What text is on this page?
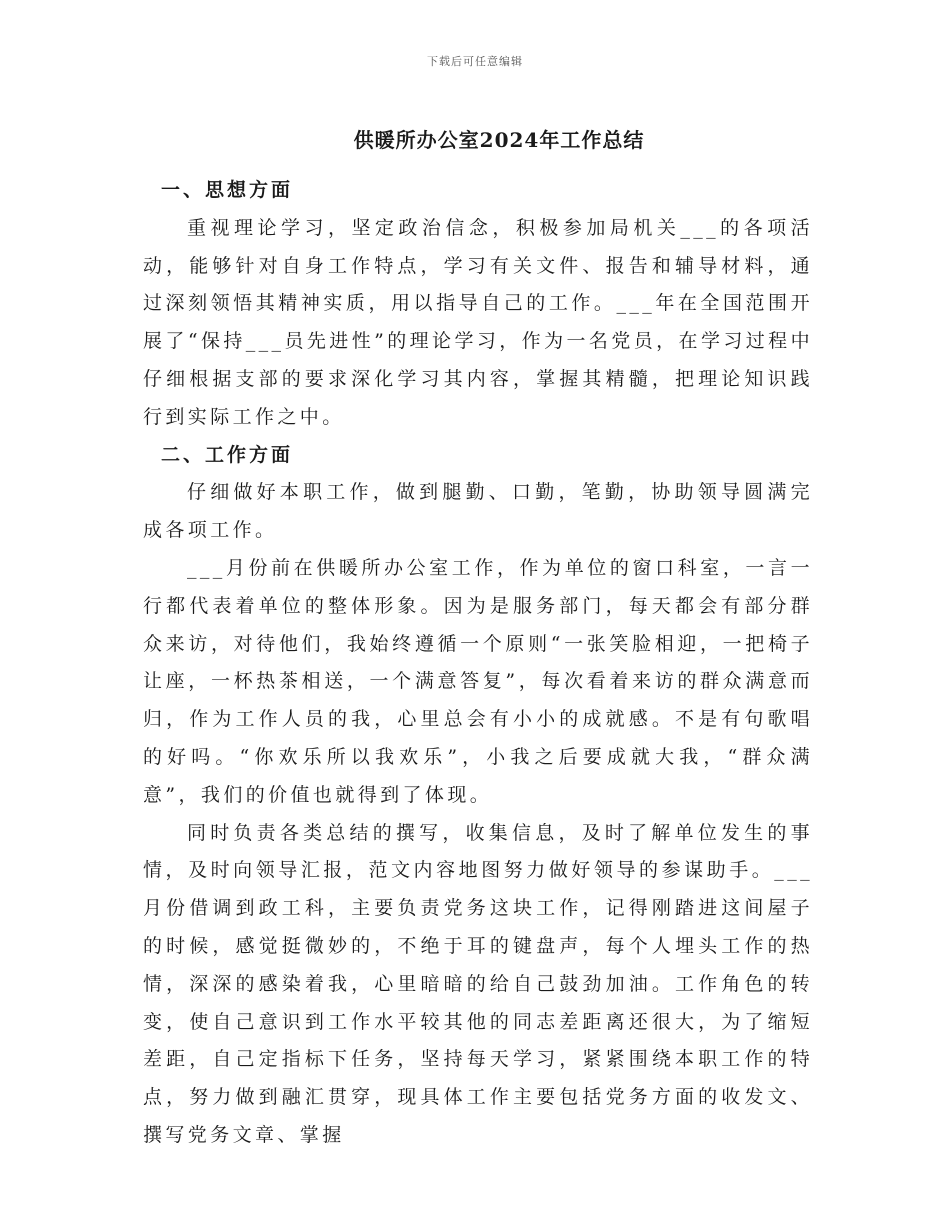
下载后可任意编辑
供暖所办公室2024年工作总结
一、思想方面

重视理论学习，坚定政治信念，积极参加局机关___的各项活动，能够针对自身工作特点，学习有关文件、报告和辅导材料，通过深刻领悟其精神实质，用以指导自己的工作。___年在全国范围开展了“保持___员先进性”的理论学习，作为一名党员，在学习过程中仔细根据支部的要求深化学习其内容，掌握其精髓，把理论知识践行到实际工作之中。

二、工作方面

仔细做好本职工作，做到腿勤、口勤，笔勤，协助领导圆满完成各项工作。

___月份前在供暖所办公室工作，作为单位的窗口科室，一言一行都代表着单位的整体形象。因为是服务部门，每天都会有部分群众来访，对待他们，我始终遵循一个原则“一张笑脸相迎，一把椅子让座，一杯热茶相送，一个满意答复”，每次看着来访的群众满意而归，作为工作人员的我，心里总会有小小的成就感。不是有句歌唱的好吗。“你欢乐所以我欢乐”，小我之后要成就大我，“群众满意”，我们的价值也就得到了体现。

同时负责各类总结的撰写，收集信息，及时了解单位发生的事情，及时向领导汇报，范文内容地图努力做好领导的参谋助手。___月份借调到政工科，主要负责党务这块工作，记得刚踏进这间屋子的时候，感觉挺微妙的，不绝于耳的键盘声，每个人埋头工作的热情，深深的感染着我，心里暗暗的给自己鼓劲加油。工作角色的转变，使自己意识到工作水平较其他的同志差距离还很大，为了缩短差距，自己定指标下任务，坚持每天学习，紧紧围绕本职工作的特点，努力做到融汇贯穿，现具体工作主要包括党务方面的收发文、撰写党务文章、掌握
